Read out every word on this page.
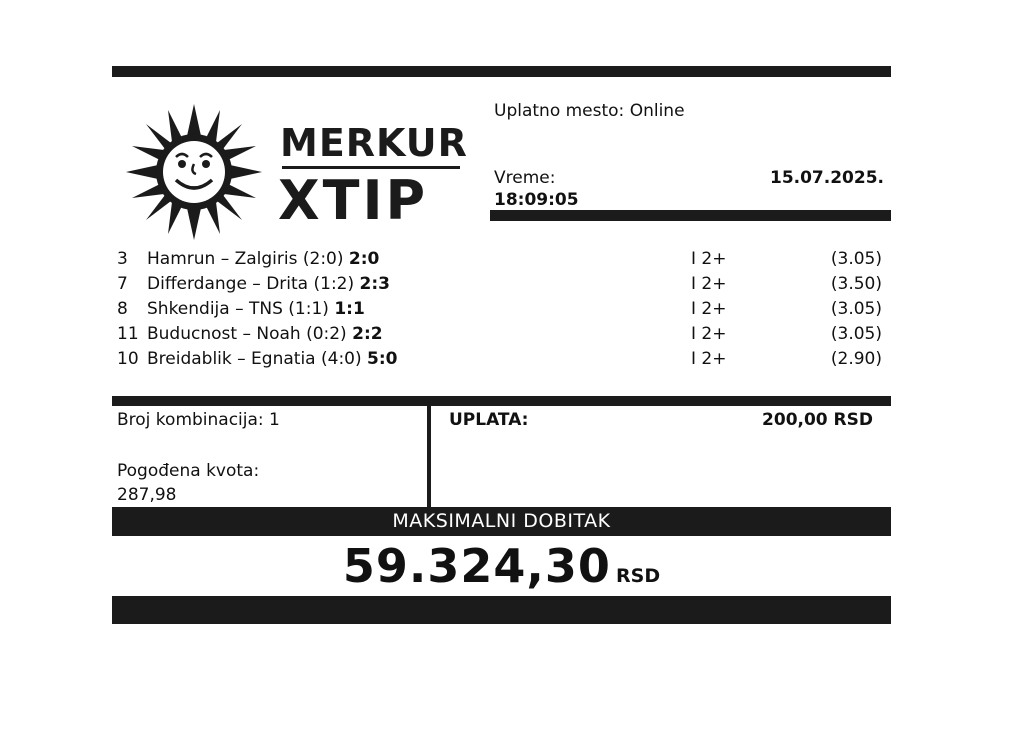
MERKUR
XTIP
Uplatno mesto: Online
Vreme:
18:09:05
15.07.2025.
3 Hamrun – Zalgiris (2:0) 2:0	I 2+	(3.05)
7 Differdange – Drita (1:2) 2:3	I 2+	(3.50)
8 Shkendija – TNS (1:1) 1:1	I 2+	(3.05)
11 Buducnost – Noah (0:2) 2:2	I 2+	(3.05)
10 Breidablik – Egnatia (4:0) 5:0	I 2+	(2.90)
Broj kombinacija: 1
Pogođena kvota:
287,98
UPLATA:	200,00 RSD
MAKSIMALNI DOBITAK
59.324,30 RSD
